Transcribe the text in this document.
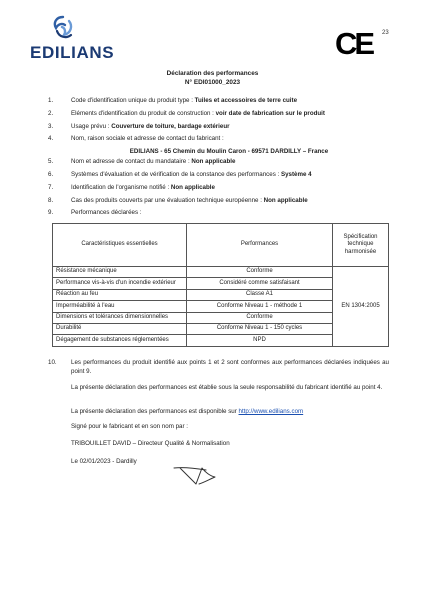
EDILIANS	CE 23
Déclaration des performances
N° EDI01000_2023
1.	Code d'identification unique du produit type : Tuiles et accessoires de terre cuite
2.	Eléments d'identification du produit de construction : voir date de fabrication sur le produit
3.	Usage prévu : Couverture de toiture, bardage extérieur
4.	Nom, raison sociale et adresse de contact du fabricant :
EDILIANS - 65 Chemin du Moulin Caron - 69571 DARDILLY – France
5.	Nom et adresse de contact du mandataire : Non applicable
6.	Systèmes d'évaluation et de vérification de la constance des performances : Système 4
7.	Identification de l'organisme notifié : Non applicable
8.	Cas des produits couverts par une évaluation technique européenne : Non applicable
9.	Performances déclarées :
Caractéristiques essentielles	Performances	Spécification technique harmonisée
Résistance mécanique	Conforme	EN 1304:2005
Performance vis-à-vis d'un incendie extérieur	Considéré comme satisfaisant	
Réaction au feu	Classe A1	
Imperméabilité à l'eau	Conforme Niveau 1 - méthode 1	
Dimensions et tolérances dimensionnelles	Conforme	
Durabilité	Conforme Niveau 1 - 150 cycles	
Dégagement de substances réglementées	NPD	
10.	Les performances du produit identifié aux points 1 et 2 sont conformes aux performances déclarées indiquées au point 9.
La présente déclaration des performances est établie sous la seule responsabilité du fabricant identifié au point 4.
La présente déclaration des performances est disponible sur http://www.edilians.com
Signé pour le fabricant et en son nom par :
TRIBOUILLET DAVID – Directeur Qualité & Normalisation
Le 02/01/2023 - Dardilly
